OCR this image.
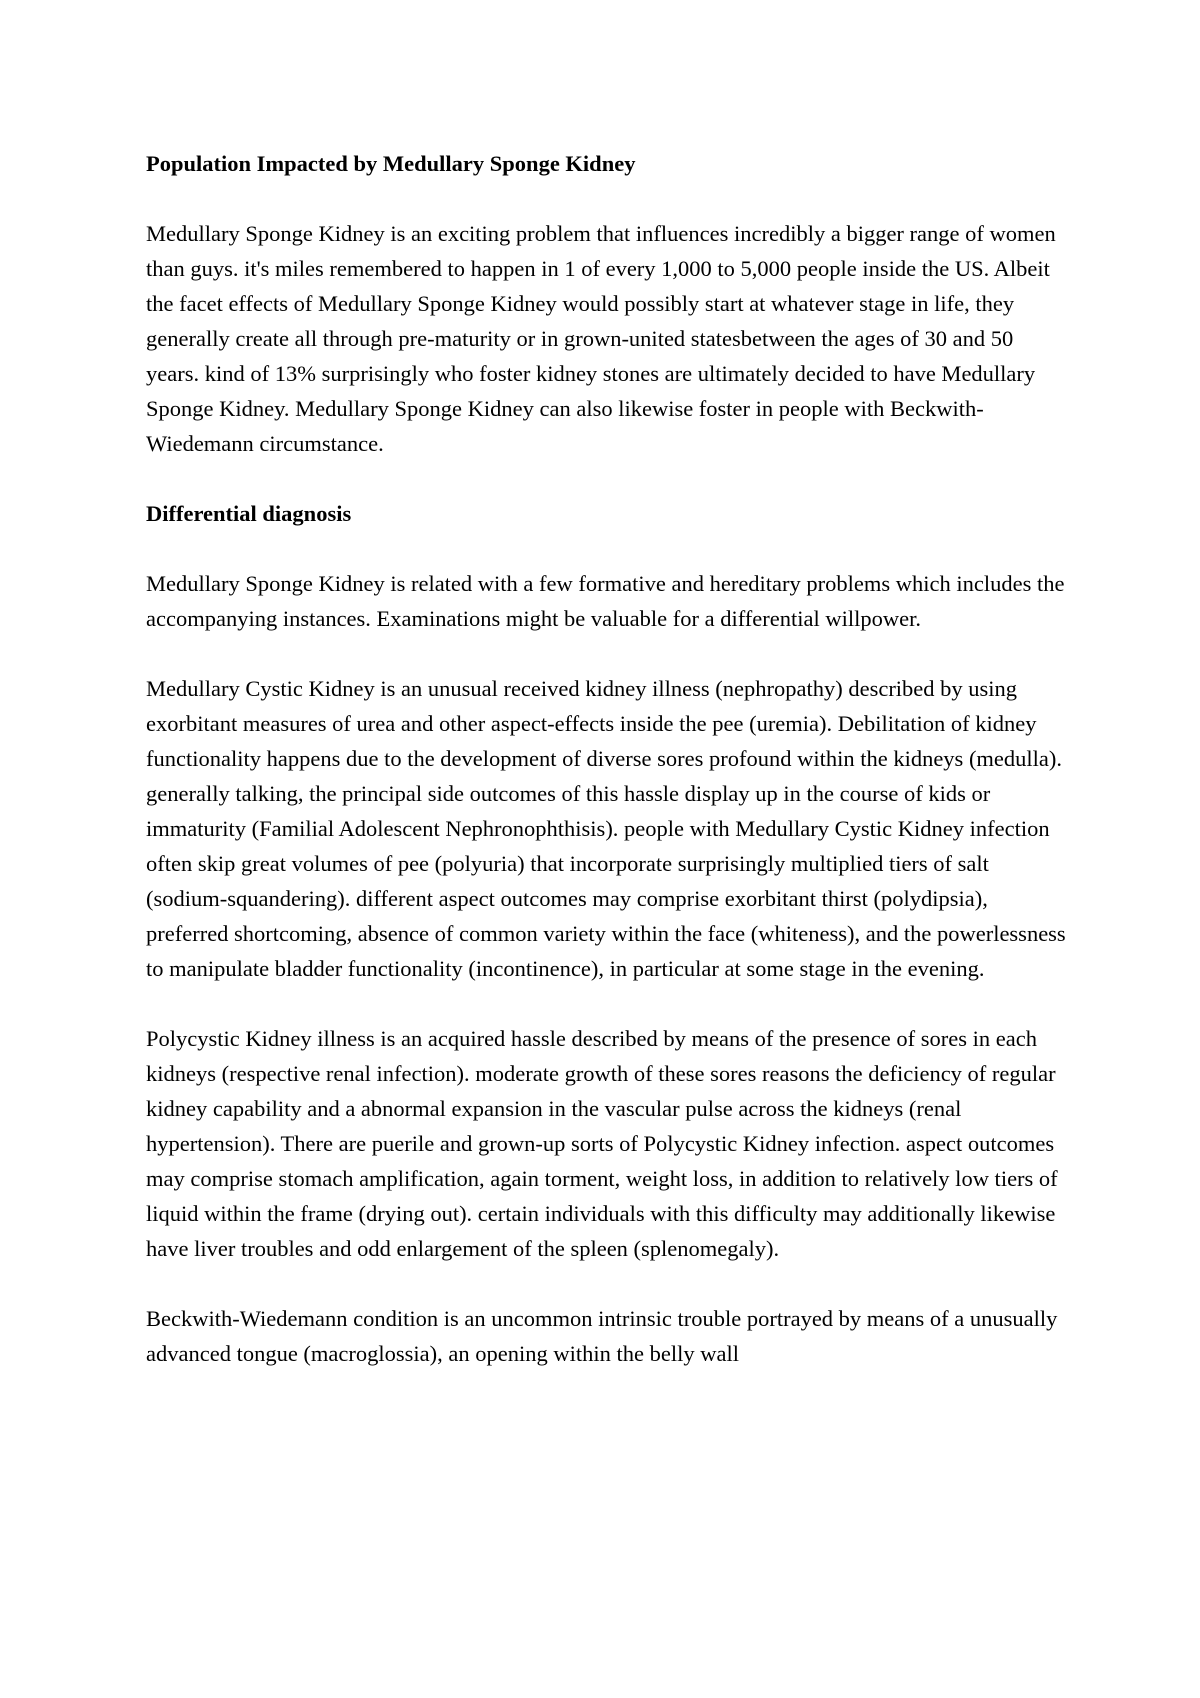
Population Impacted by Medullary Sponge Kidney

Medullary Sponge Kidney is an exciting problem that influences incredibly a bigger range of women than guys. it's miles remembered to happen in 1 of every 1,000 to 5,000 people inside the US. Albeit the facet effects of Medullary Sponge Kidney would possibly start at whatever stage in life, they generally create all through pre-maturity or in grown-united statesbetween the ages of 30 and 50 years. kind of 13% surprisingly who foster kidney stones are ultimately decided to have Medullary Sponge Kidney. Medullary Sponge Kidney can also likewise foster in people with Beckwith-Wiedemann circumstance.

Differential diagnosis

Medullary Sponge Kidney is related with a few formative and hereditary problems which includes the accompanying instances. Examinations might be valuable for a differential willpower.

Medullary Cystic Kidney is an unusual received kidney illness (nephropathy) described by using exorbitant measures of urea and other aspect-effects inside the pee (uremia). Debilitation of kidney functionality happens due to the development of diverse sores profound within the kidneys (medulla). generally talking, the principal side outcomes of this hassle display up in the course of kids or immaturity (Familial Adolescent Nephronophthisis). people with Medullary Cystic Kidney infection often skip great volumes of pee (polyuria) that incorporate surprisingly multiplied tiers of salt (sodium-squandering). different aspect outcomes may comprise exorbitant thirst (polydipsia), preferred shortcoming, absence of common variety within the face (whiteness), and the powerlessness to manipulate bladder functionality (incontinence), in particular at some stage in the evening.

Polycystic Kidney illness is an acquired hassle described by means of the presence of sores in each kidneys (respective renal infection). moderate growth of these sores reasons the deficiency of regular kidney capability and a abnormal expansion in the vascular pulse across the kidneys (renal hypertension). There are puerile and grown-up sorts of Polycystic Kidney infection. aspect outcomes may comprise stomach amplification, again torment, weight loss, in addition to relatively low tiers of liquid within the frame (drying out). certain individuals with this difficulty may additionally likewise have liver troubles and odd enlargement of the spleen (splenomegaly).

Beckwith-Wiedemann condition is an uncommon intrinsic trouble portrayed by means of a unusually advanced tongue (macroglossia), an opening within the belly wall
